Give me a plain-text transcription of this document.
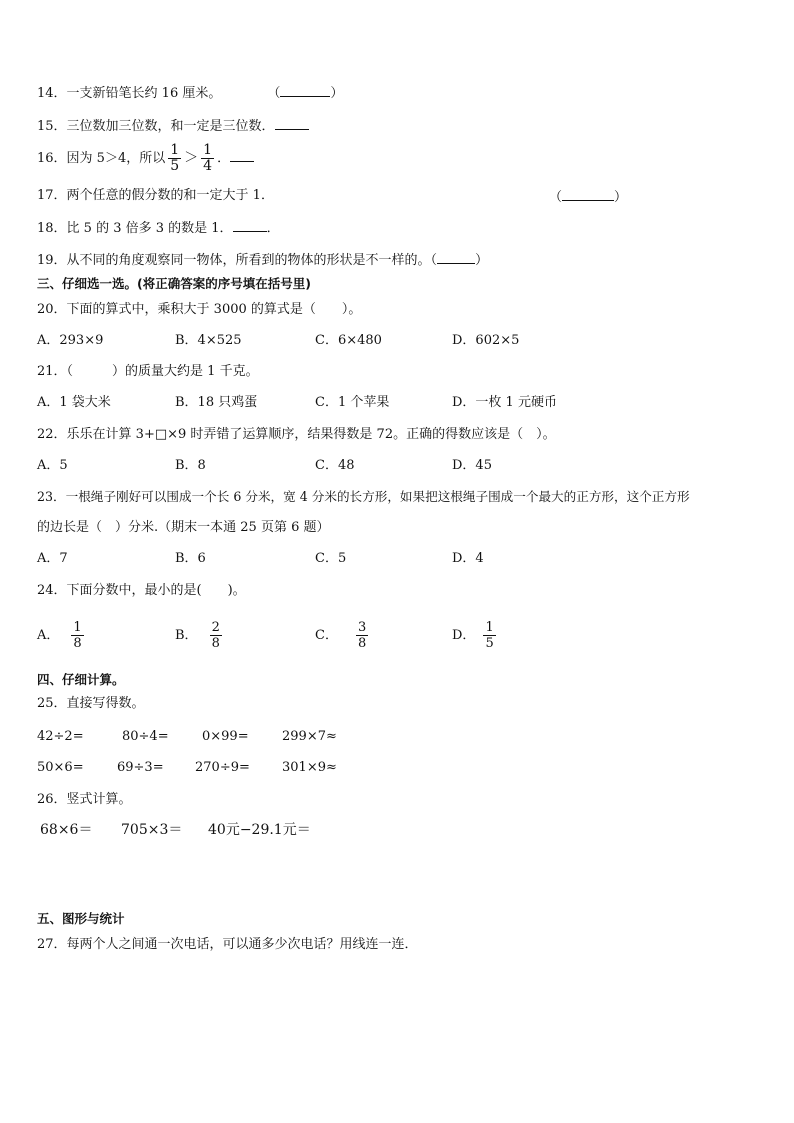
14．一支新铅笔长约 16 厘米。	（	）
15．三位数加三位数，和一定是三位数．
16．因为 5＞4，所以 $\frac{1}{5} > \frac{1}{4}$ ．
17．两个任意的假分数的和一定大于 1．	（	）
18．比 5 的 3 倍多 3 的数是 1．	．
19．从不同的角度观察同一物体，所看到的物体的形状是不一样的。（	）
三、仔细选一选。(将正确答案的序号填在括号里)
20．下面的算式中，乘积大于 3000 的算式是（　　）。
A．293×9	B．4×525	C．6×480	D．602×5
21．（　　　）的质量大约是 1 千克。
A．1 袋大米	B．18 只鸡蛋	C．1 个苹果	D．一枚 1 元硬币
22．乐乐在计算 3+□×9 时弄错了运算顺序，结果得数是 72。正确的得数应该是（　）。
A．5	B．8	C．48	D．45
23．一根绳子刚好可以围成一个长 6 分米，宽 4 分米的长方形，如果把这根绳子围成一个最大的正方形，这个正方形
的边长是（　）分米.（期末一本通 25 页第 6 题）
A．7	B．6	C．5	D．4
24．下面分数中，最小的是(　　)。
A． $\frac{1}{8}$	B． $\frac{2}{8}$	C． $\frac{3}{8}$	D． $\frac{1}{5}$
四、仔细计算。
25．直接写得数。
42÷2=	80÷4=	0×99=	299×7≈
50×6=	69÷3= 270÷9= 301×9≈
26．竖式计算。
68×6＝ 705×3＝ 40元−29.1元＝
五、图形与统计
27．每两个人之间通一次电话，可以通多少次电话？用线连一连．
